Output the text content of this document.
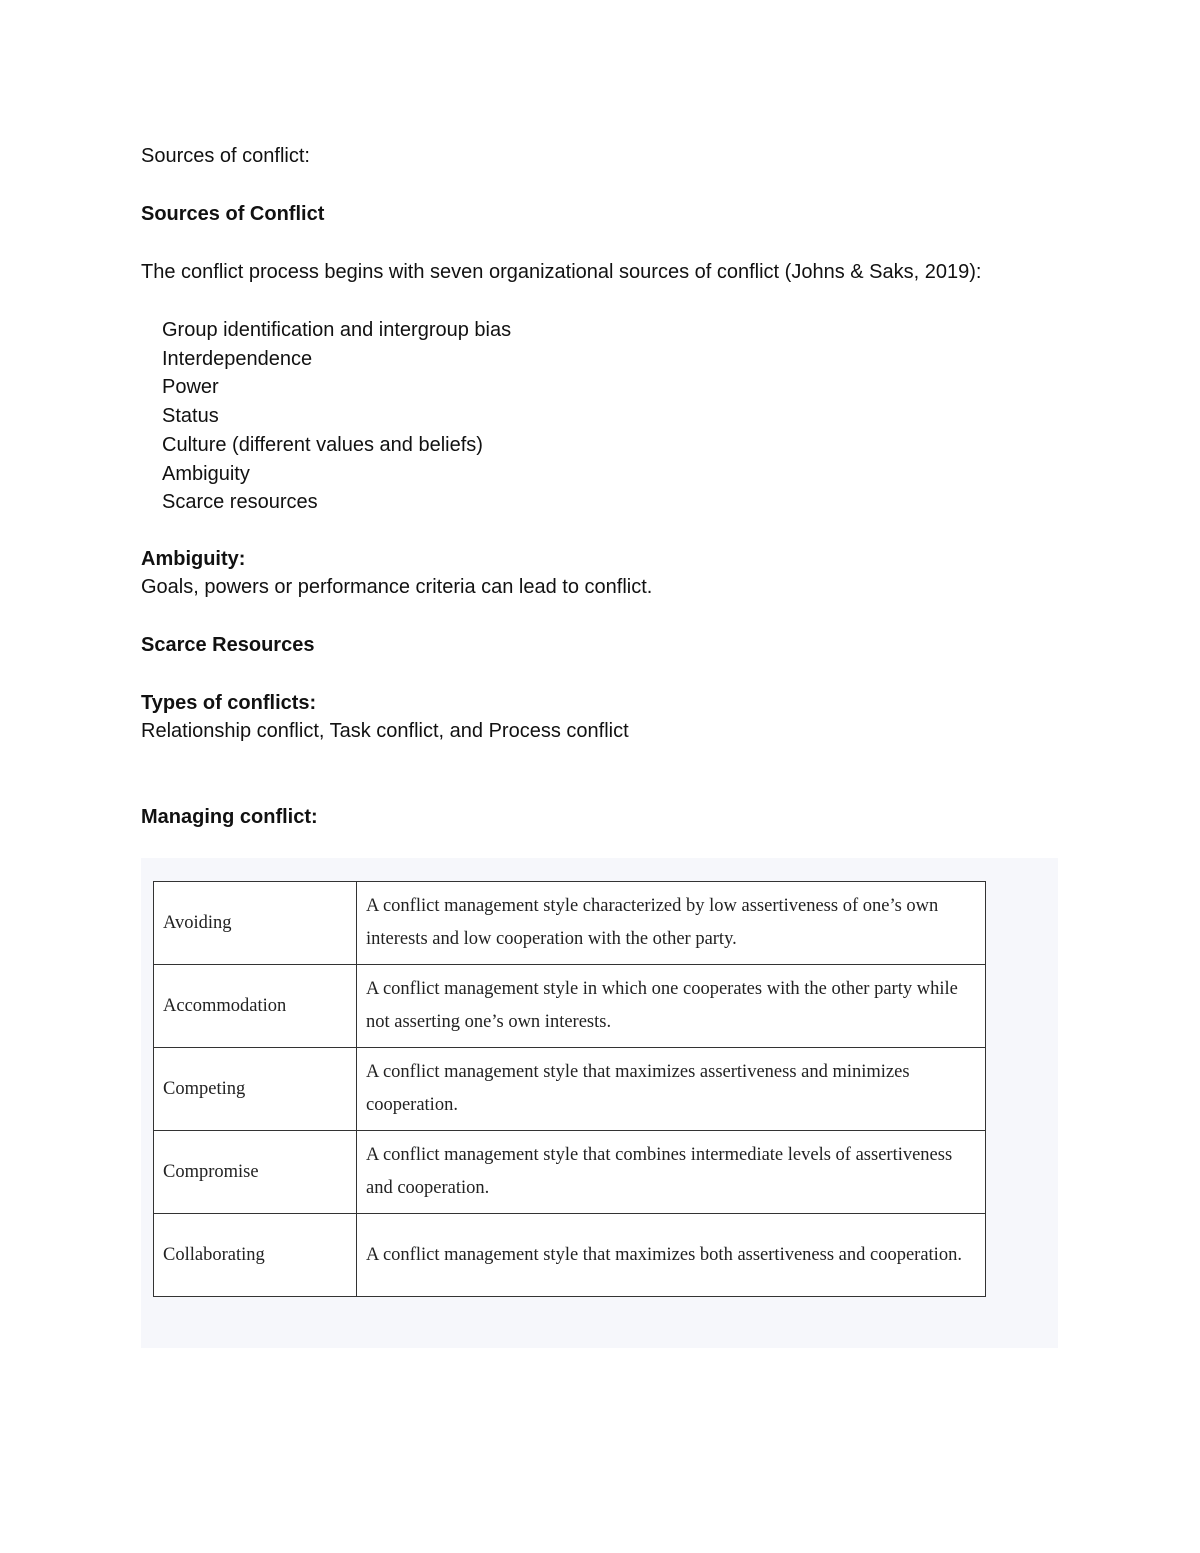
Sources of conflict:
Sources of Conflict
The conflict process begins with seven organizational sources of conflict (Johns & Saks, 2019):
Group identification and intergroup bias
Interdependence
Power
Status
Culture (different values and beliefs)
Ambiguity
Scarce resources
Ambiguity:
Goals, powers or performance criteria can lead to conflict.
Scarce Resources
Types of conflicts:
Relationship conflict, Task conflict, and Process conflict
Managing conflict:
Avoiding	A conflict management style characterized by low assertiveness of one’s own interests and low cooperation with the other party.
Accommodation	A conflict management style in which one cooperates with the other party while not asserting one’s own interests.
Competing	A conflict management style that maximizes assertiveness and minimizes cooperation.
Compromise	A conflict management style that combines intermediate levels of assertiveness and cooperation.
Collaborating	A conflict management style that maximizes both assertiveness and cooperation.
